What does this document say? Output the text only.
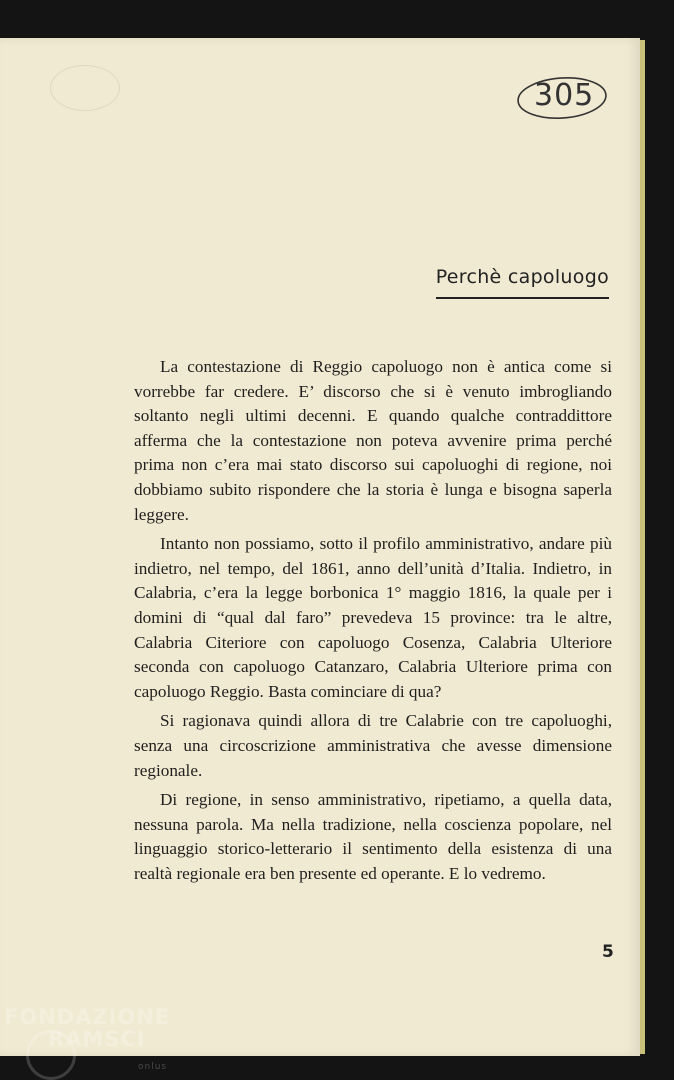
305
Perchè capoluogo

La contestazione di Reggio capoluogo non è antica come si vorrebbe far credere. E’ discorso che si è venuto imbrogliando soltanto negli ultimi decenni. E quando qualche contraddittore afferma che la contestazione non poteva avvenire prima perché prima non c’era mai stato discorso sui capoluoghi di regione, noi dobbiamo subito rispondere che la storia è lunga e bisogna saperla leggere.

Intanto non possiamo, sotto il profilo amministrativo, andare più indietro, nel tempo, del 1861, anno dell’unità d’Italia. Indietro, in Calabria, c’era la legge borbonica 1° maggio 1816, la quale per i domini di “qual dal faro” prevedeva 15 province: tra le altre, Calabria Citeriore con capoluogo Cosenza, Calabria Ulteriore seconda con capoluogo Catanzaro, Calabria Ulteriore prima con capoluogo Reggio. Basta cominciare di qua?

Si ragionava quindi allora di tre Calabrie con tre capoluoghi, senza una circoscrizione amministrativa che avesse dimensione regionale.

Di regione, in senso amministrativo, ripetiamo, a quella data, nessuna parola. Ma nella tradizione, nella coscienza popolare, nel linguaggio storico-letterario il sentimento della esistenza di una realtà regionale era ben presente ed operante. E lo vedremo.

5
FONDAZIONE
RAMSCI
onlus
